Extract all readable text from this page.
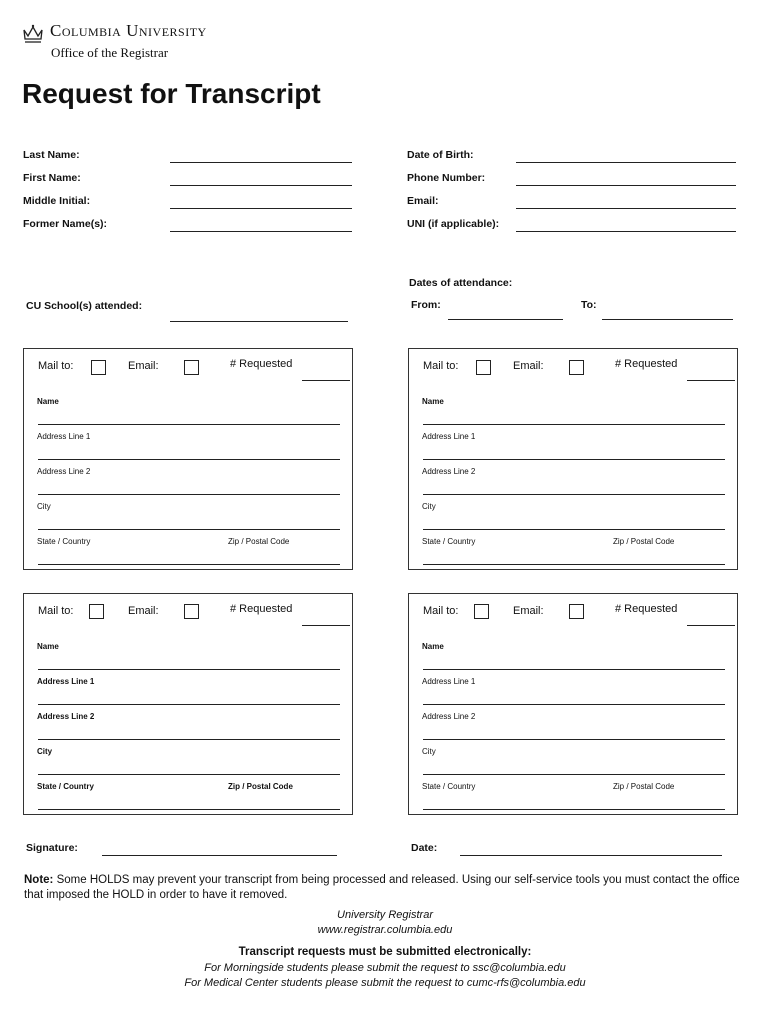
Columbia University
Office of the Registrar
Request for Transcript
Last Name:
First Name:
Middle Initial:
Former Name(s):
Date of Birth:
Phone Number:
Email:
UNI (if applicable):
Dates of attendance:
CU School(s) attended:	From:	To:
Mail to:	Email:	# Requested
Name
Address Line 1
Address Line 2
City
State / Country	Zip / Postal Code
Mail to:	Email:	# Requested
Name
Address Line 1
Address Line 2
City
State / Country	Zip / Postal Code
Mail to:	Email:	# Requested
Name
Address Line 1
Address Line 2
City
State / Country	Zip / Postal Code
Mail to:	Email:	# Requested
Name
Address Line 1
Address Line 2
City
State / Country	Zip / Postal Code
Signature:	Date:
Note: Some HOLDS may prevent your transcript from being processed and released. Using our self-service tools you must contact the office that imposed the HOLD in order to have it removed.
University Registrar
www.registrar.columbia.edu
Transcript requests must be submitted electronically:
For Morningside students please submit the request to ssc@columbia.edu
For Medical Center students please submit the request to cumc-rfs@columbia.edu
